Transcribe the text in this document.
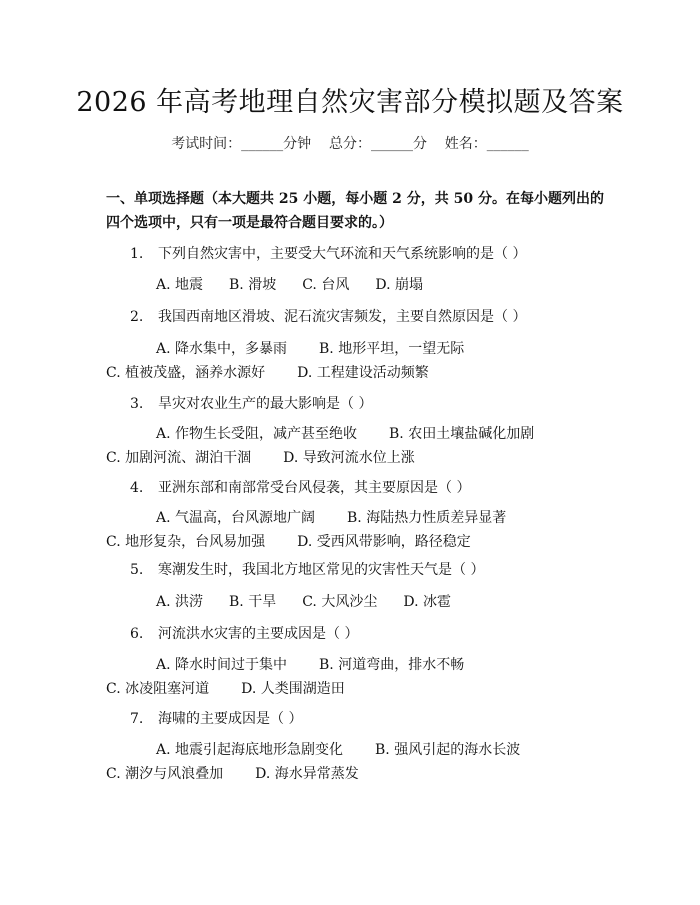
2026 年高考地理自然灾害部分模拟题及答案
考试时间：______分钟    总分：______分    姓名：______
一、单项选择题（本大题共 25 小题，每小题 2 分，共 50 分。在每小题列出的四个选项中，只有一项是最符合题目要求的。）
1. 下列自然灾害中，主要受大气环流和天气系统影响的是（ ）
A. 地震 B. 滑坡 C. 台风 D. 崩塌
2. 我国西南地区滑坡、泥石流灾害频发，主要自然原因是（ ）
A. 降水集中，多暴雨 B. 地形平坦，一望无际C. 植被茂盛，涵养水源好 D. 工程建设活动频繁
3. 旱灾对农业生产的最大影响是（ ）
A. 作物生长受阻，减产甚至绝收 B. 农田土壤盐碱化加剧C. 加剧河流、湖泊干涸 D. 导致河流水位上涨
4. 亚洲东部和南部常受台风侵袭，其主要原因是（ ）
A. 气温高，台风源地广阔 B. 海陆热力性质差异显著C. 地形复杂，台风易加强 D. 受西风带影响，路径稳定
5. 寒潮发生时，我国北方地区常见的灾害性天气是（ ）
A. 洪涝 B. 干旱 C. 大风沙尘 D. 冰雹
6. 河流洪水灾害的主要成因是（ ）
A. 降水时间过于集中 B. 河道弯曲，排水不畅C. 冰凌阻塞河道 D. 人类围湖造田
7. 海啸的主要成因是（ ）
A. 地震引起海底地形急剧变化 B. 强风引起的海水长波C. 潮汐与风浪叠加 D. 海水异常蒸发
